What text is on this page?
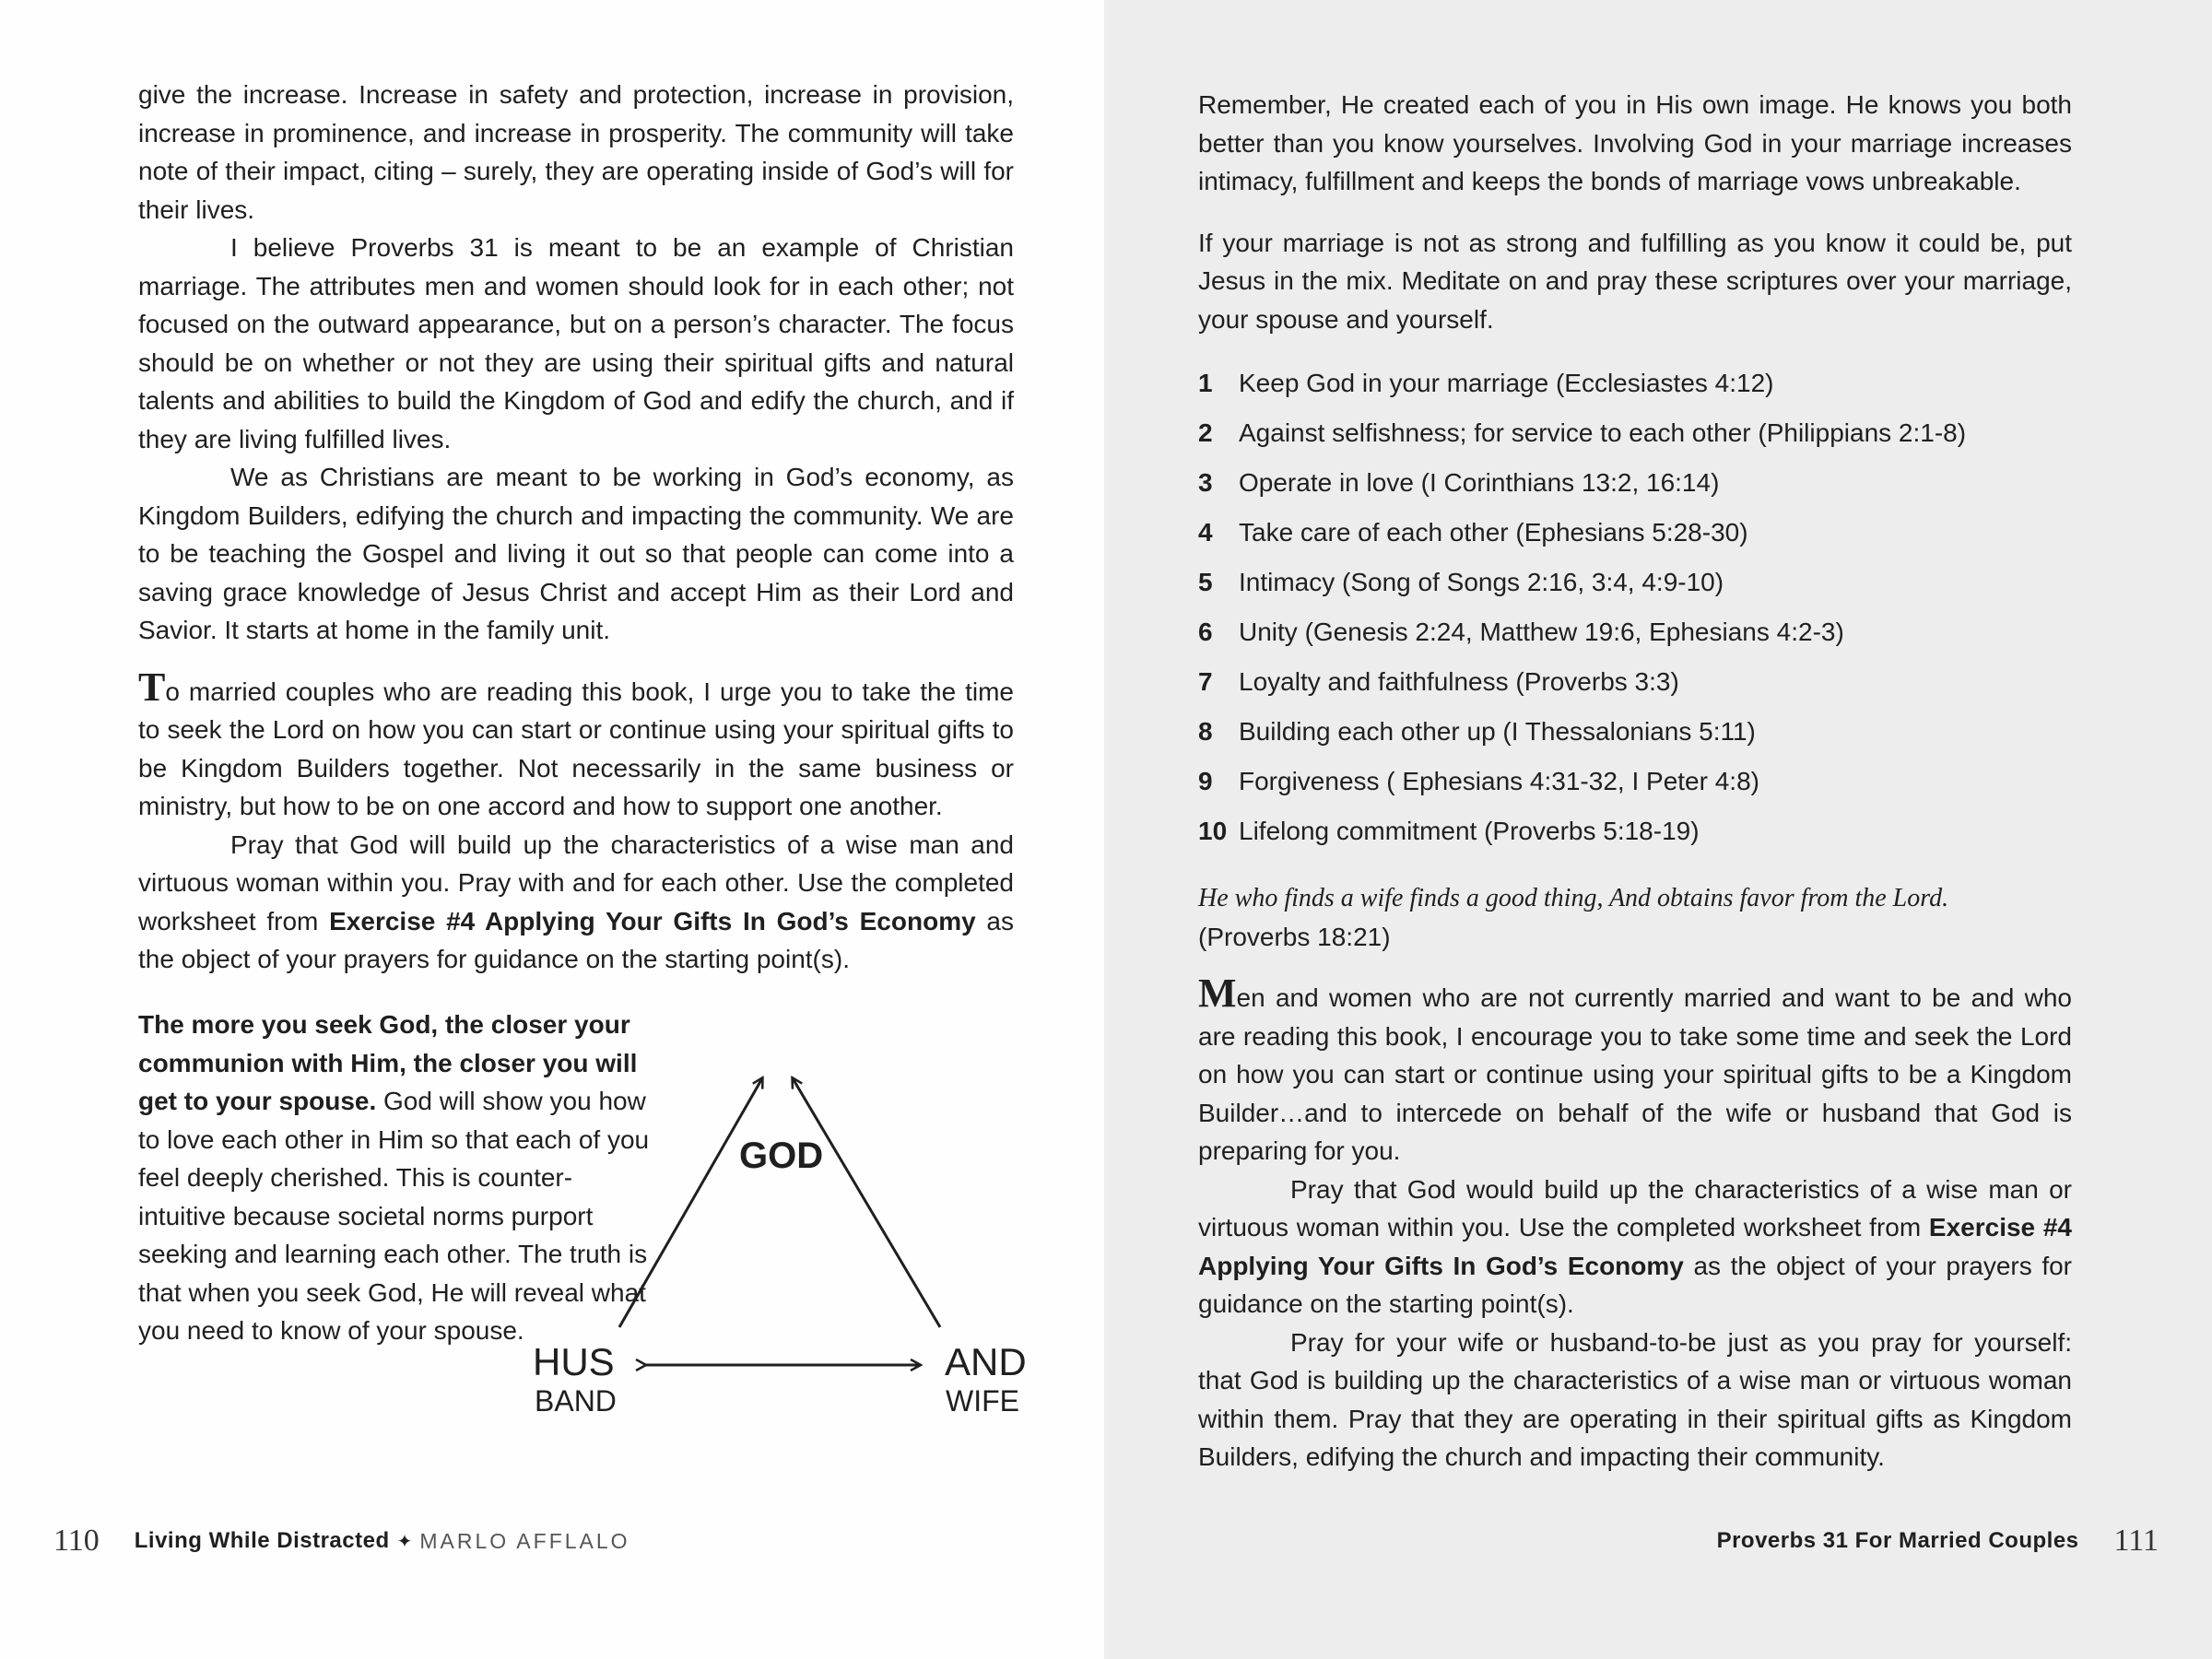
give the increase. Increase in safety and protection, increase in provision, increase in prominence, and increase in prosperity. The community will take note of their impact, citing – surely, they are operating inside of God’s will for their lives.

I believe Proverbs 31 is meant to be an example of Christian marriage. The attributes men and women should look for in each other; not focused on the outward appearance, but on a person’s character. The focus should be on whether or not they are using their spiritual gifts and natural talents and abilities to build the Kingdom of God and edify the church, and if they are living fulfilled lives.

We as Christians are meant to be working in God’s economy, as Kingdom Builders, edifying the church and impacting the community. We are to be teaching the Gospel and living it out so that people can come into a saving grace knowledge of Jesus Christ and accept Him as their Lord and Savior. It starts at home in the family unit.

To married couples who are reading this book, I urge you to take the time to seek the Lord on how you can start or continue using your spiritual gifts to be Kingdom Builders together. Not necessarily in the same business or ministry, but how to be on one accord and how to support one another.

Pray that God will build up the characteristics of a wise man and virtuous woman within you. Pray with and for each other. Use the completed worksheet from Exercise #4 Applying Your Gifts In God’s Economy as the object of your prayers for guidance on the starting point(s).

The more you seek God, the closer your communion with Him, the closer you will get to your spouse. God will show you how to love each other in Him so that each of you feel deeply cherished. This is counter-intuitive because societal norms purport seeking and learning each other. The truth is that when you seek God, He will reveal what you need to know of your spouse.

GOD
HUS
BAND
AND
WIFE
110 Living While Distracted ✦ MARLO AFFLALO

Remember, He created each of you in His own image. He knows you both better than you know yourselves. Involving God in your marriage increases intimacy, fulfillment and keeps the bonds of marriage vows unbreakable.

If your marriage is not as strong and fulfilling as you know it could be, put Jesus in the mix. Meditate on and pray these scriptures over your marriage, your spouse and yourself.

1	Keep God in your marriage (Ecclesiastes 4:12)
2	Against selfishness; for service to each other (Philippians 2:1-8)
3	Operate in love (I Corinthians 13:2, 16:14)
4	Take care of each other (Ephesians 5:28-30)
5	Intimacy (Song of Songs 2:16, 3:4, 4:9-10)
6	Unity (Genesis 2:24, Matthew 19:6, Ephesians 4:2-3)
7	Loyalty and faithfulness (Proverbs 3:3)
8	Building each other up (I Thessalonians 5:11)
9	Forgiveness ( Ephesians 4:31-32, I Peter 4:8)
10 Lifelong commitment (Proverbs 5:18-19)

He who finds a wife finds a good thing, And obtains favor from the Lord.

(Proverbs 18:21)

Men and women who are not currently married and want to be and who are reading this book, I encourage you to take some time and seek the Lord on how you can start or continue using your spiritual gifts to be a Kingdom Builder…and to intercede on behalf of the wife or husband that God is preparing for you.

Pray that God would build up the characteristics of a wise man or virtuous woman within you. Use the completed worksheet from Exercise #4 Applying Your Gifts In God’s Economy as the object of your prayers for guidance on the starting point(s).

Pray for your wife or husband-to-be just as you pray for yourself: that God is building up the characteristics of a wise man or virtuous woman within them. Pray that they are operating in their spiritual gifts as Kingdom Builders, edifying the church and impacting their community.

Proverbs 31 For Married Couples 111
